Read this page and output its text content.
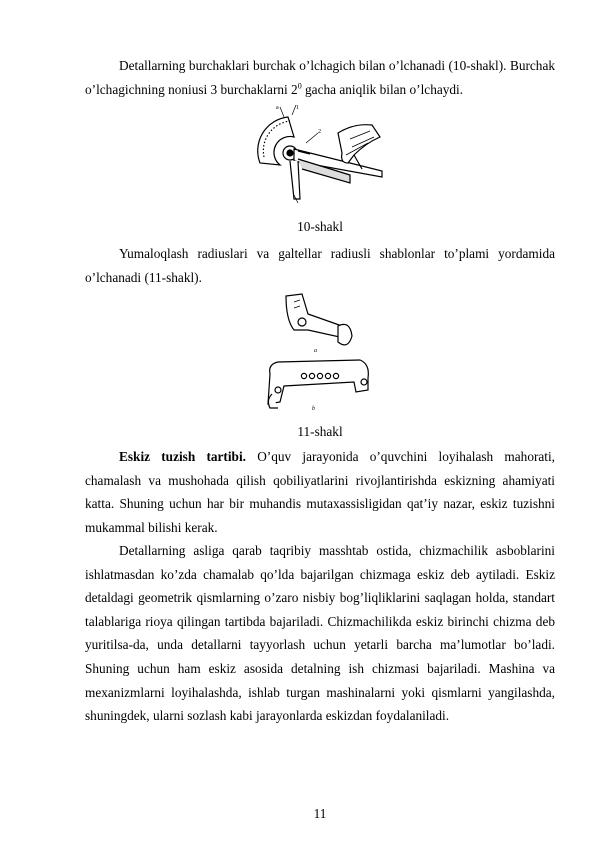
Detallarning burchaklari burchak o’lchagich bilan o’lchanadi (10-shakl). Burchak o’lchagichning noniusi 3 burchaklarni $2^0$ gacha aniqlik bilan o’lchaydi.

a	1
2
10-shakl

Yumaloqlash radiuslari va galtellar radiusli shablonlar to’plami yordamida o’lchanadi (11-shakl).

a
b
11-shakl

Eskiz tuzish tartibi. O’quv jarayonida o’quvchini loyihalash mahorati, chamalash va mushohada qilish qobiliyatlarini rivojlantirishda eskizning ahamiyati katta. Shuning uchun har bir muhandis mutaxassisligidan qat’iy nazar, eskiz tuzishni mukammal bilishi kerak.

Detallarning asliga qarab taqribiy masshtab ostida, chizmachilik asboblarini ishlatmasdan ko’zda chamalab qo’lda bajarilgan chizmaga eskiz deb aytiladi. Eskiz detaldagi geometrik qismlarning o’zaro nisbiy bog’liqliklarini saqlagan holda, standart talablariga rioya qilingan tartibda bajariladi. Chizmachilikda eskiz birinchi chizma deb yuritilsa-da, unda detallarni tayyorlash uchun yetarli barcha ma’lumotlar bo’ladi. Shuning uchun ham eskiz asosida detalning ish chizmasi bajariladi. Mashina va mexanizmlarni loyihalashda, ishlab turgan mashinalarni yoki qismlarni yangilashda, shuningdek, ularni sozlash kabi jarayonlarda eskizdan foydalaniladi.

11
